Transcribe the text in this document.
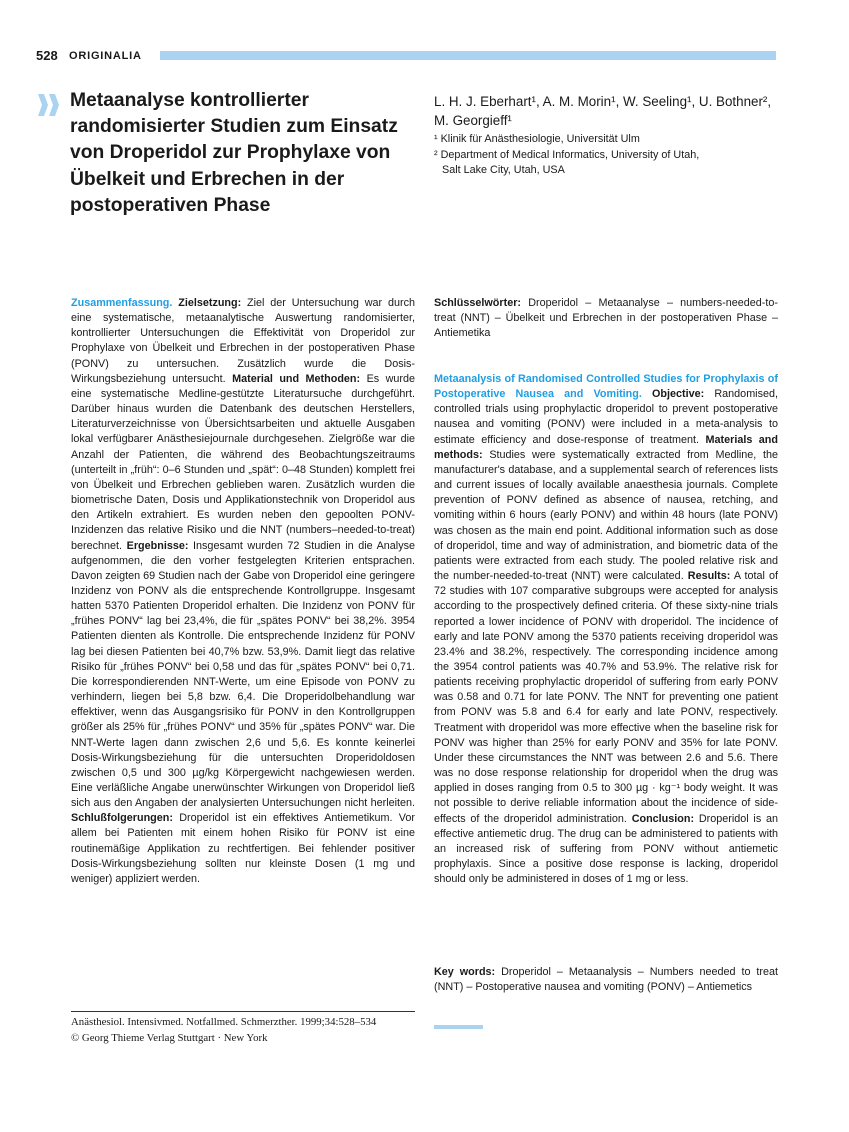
528 ORIGINALIA
Metaanalyse kontrollierter randomisierter Studien zum Einsatz von Droperidol zur Prophylaxe von Übelkeit und Erbrechen in der postoperativen Phase
L. H. J. Eberhart¹, A. M. Morin¹, W. Seeling¹, U. Bothner²,
M. Georgieff¹
¹ Klinik für Anästhesiologie, Universität Ulm
² Department of Medical Informatics, University of Utah,
Salt Lake City, Utah, USA
Zusammenfassung. Zielsetzung: Ziel der Untersuchung war durch eine systematische, metaanalytische Auswertung randomisierter, kontrollierter Untersuchungen die Effektivität von Droperidol zur Prophylaxe von Übelkeit und Erbrechen in der postoperativen Phase (PONV) zu untersuchen. Zusätzlich wurde die Dosis-Wirkungsbeziehung untersucht. Material und Methoden: Es wurde eine systematische Medline-gestützte Literatursuche durchgeführt. Darüber hinaus wurden die Datenbank des deutschen Herstellers, Literaturverzeichnisse von Übersichtsarbeiten und aktuelle Ausgaben lokal verfügbarer Anästhesiejournale durchgesehen. Zielgröße war die Anzahl der Patienten, die während des Beobachtungszeitraums (unterteilt in „früh“: 0–6 Stunden und „spät“: 0–48 Stunden) komplett frei von Übelkeit und Erbrechen geblieben waren. Zusätzlich wurden die biometrische Daten, Dosis und Applikationstechnik von Droperidol aus den Artikeln extrahiert. Es wurden neben den gepoolten PONV-Inzidenzen das relative Risiko und die NNT (numbers–needed-to-treat) berechnet. Ergebnisse: Insgesamt wurden 72 Studien in die Analyse aufgenommen, die den vorher festgelegten Kriterien entsprachen. Davon zeigten 69 Studien nach der Gabe von Droperidol eine geringere Inzidenz von PONV als die entsprechende Kontrollgruppe. Insgesamt hatten 5370 Patienten Droperidol erhalten. Die Inzidenz von PONV für „frühes PONV“ lag bei 23,4%, die für „spätes PONV“ bei 38,2%. 3954 Patienten dienten als Kontrolle. Die entsprechende Inzidenz für PONV lag bei diesen Patienten bei 40,7% bzw. 53,9%. Damit liegt das relative Risiko für „frühes PONV“ bei 0,58 und das für „spätes PONV“ bei 0,71. Die korrespondierenden NNT-Werte, um eine Episode von PONV zu verhindern, liegen bei 5,8 bzw. 6,4. Die Droperidolbehandlung war effektiver, wenn das Ausgangsrisiko für PONV in den Kontrollgruppen größer als 25% für „frühes PONV“ und 35% für „spätes PONV“ war. Die NNT-Werte lagen dann zwischen 2,6 und 5,6. Es konnte keinerlei Dosis-Wirkungsbeziehung für die untersuchten Droperidoldosen zwischen 0,5 und 300 µg/kg Körpergewicht nachgewiesen werden. Eine verläßliche Angabe unerwünschter Wirkungen von Droperidol ließ sich aus den Angaben der analysierten Untersuchungen nicht herleiten. Schlußfolgerungen: Droperidol ist ein effektives Antiemetikum. Vor allem bei Patienten mit einem hohen Risiko für PONV ist eine routinemäßige Applikation zu rechtfertigen. Bei fehlender positiver Dosis-Wirkungsbeziehung sollten nur kleinste Dosen (1 mg und weniger) appliziert werden.
Schlüsselwörter: Droperidol – Metaanalyse – numbers-needed-to-treat (NNT) – Übelkeit und Erbrechen in der postoperativen Phase – Antiemetika
Metaanalysis of Randomised Controlled Studies for Prophylaxis of Postoperative Nausea and Vomiting. Objective: Randomised, controlled trials using prophylactic droperidol to prevent postoperative nausea and vomiting (PONV) were included in a meta-analysis to estimate efficiency and dose-response of treatment. Materials and methods: Studies were systematically extracted from Medline, the manufacturer's database, and a supplemental search of references lists and current issues of locally available anaesthesia journals. Complete prevention of PONV defined as absence of nausea, retching, and vomiting within 6 hours (early PONV) and within 48 hours (late PONV) was chosen as the main end point. Additional information such as dose of droperidol, time and way of administration, and biometric data of the patients were extracted from each study. The pooled relative risk and the number-needed-to-treat (NNT) were calculated. Results: A total of 72 studies with 107 comparative subgroups were accepted for analysis according to the prospectively defined criteria. Of these sixty-nine trials reported a lower incidence of PONV with droperidol. The incidence of early and late PONV among the 5370 patients receiving droperidol was 23.4% and 38.2%, respectively. The corresponding incidence among the 3954 control patients was 40.7% and 53.9%. The relative risk for patients receiving prophylactic droperidol of suffering from early PONV was 0.58 and 0.71 for late PONV. The NNT for preventing one patient from PONV was 5.8 and 6.4 for early and late PONV, respectively. Treatment with droperidol was more effective when the baseline risk for PONV was higher than 25% for early PONV and 35% for late PONV. Under these circumstances the NNT was between 2.6 and 5.6. There was no dose response relationship for droperidol when the drug was applied in doses ranging from 0.5 to 300 µg · kg⁻¹ body weight. It was not possible to derive reliable information about the incidence of side-effects of the droperidol administration. Conclusion: Droperidol is an effective antiemetic drug. The drug can be administered to patients with an increased risk of suffering from PONV without antiemetic prophylaxis. Since a positive dose response is lacking, droperidol should only be administered in doses of 1 mg or less.
Key words: Droperidol – Metaanalysis – Numbers needed to treat (NNT) – Postoperative nausea and vomiting (PONV) – Antiemetics
Anästhesiol. Intensivmed. Notfallmed. Schmerzther. 1999;34:528–534
© Georg Thieme Verlag Stuttgart · New York
